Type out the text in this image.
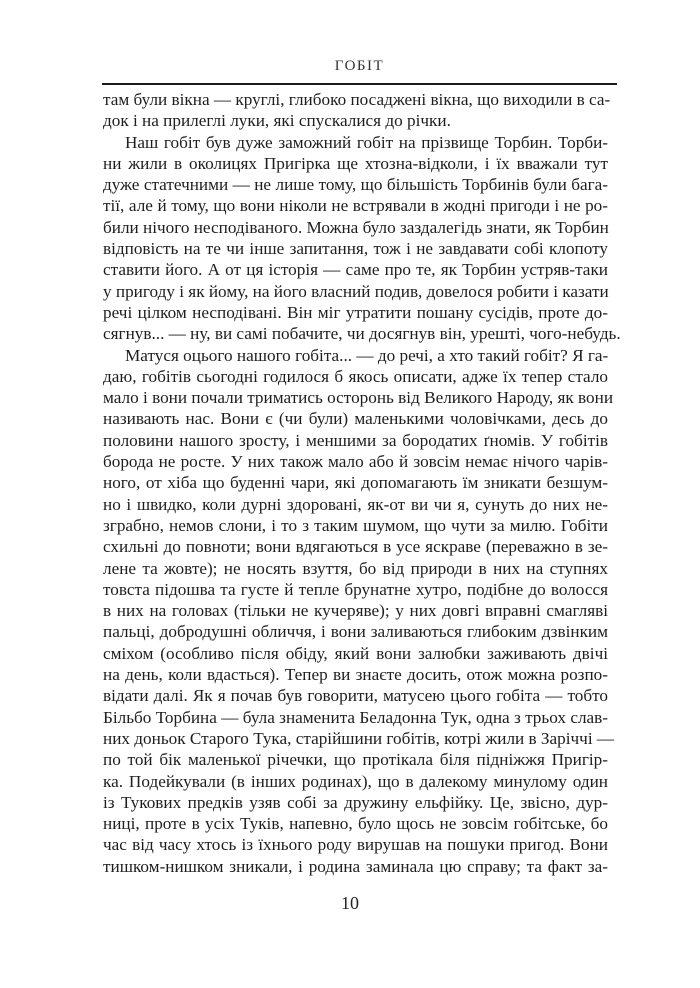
ГОБІТ
там були вікна — круглі, глибоко посаджені вікна, що виходили в са-
док і на прилеглі луки, які спускалися до річки.
Наш гобіт був дуже заможний гобіт на прізвище Торбин. Торби-
ни жили в околицях Пригірка ще хтозна-відколи, і їх вважали тут
дуже статечними — не лише тому, що більшість Торбинів були бага-
тії, але й тому, що вони ніколи не встрявали в жодні пригоди і не ро-
били нічого несподіваного. Можна було заздалегідь знати, як Торбин
відповість на те чи інше запитання, тож і не завдавати собі клопоту
ставити його. А от ця історія — саме про те, як Торбин устряв-таки
у пригоду і як йому, на його власний подив, довелося робити і казати
речі цілком несподівані. Він міг утратити пошану сусідів, проте до-
сягнув... — ну, ви самі побачите, чи досягнув він, урешті, чого-небудь.
Матуся оцього нашого гобіта... — до речі, а хто такий гобіт? Я га-
даю, гобітів сьогодні годилося б якось описати, адже їх тепер стало
мало і вони почали триматись осторонь від Великого Народу, як вони
називають нас. Вони є (чи були) маленькими чоловічками, десь до
половини нашого зросту, і меншими за бородатих ґномів. У гобітів
борода не росте. У них також мало або й зовсім немає нічого чарів-
ного, от хіба що буденні чари, які допомагають їм зникати безшум-
но і швидко, коли дурні здоровані, як-от ви чи я, сунуть до них не-
зграбно, немов слони, і то з таким шумом, що чути за милю. Гобіти
схильні до повноти; вони вдягаються в усе яскраве (переважно в зе-
лене та жовте); не носять взуття, бо від природи в них на ступнях
товста підошва та густе й тепле брунатне хутро, подібне до волосся
в них на головах (тільки не кучеряве); у них довгі вправні смагляві
пальці, добродушні обличчя, і вони заливаються глибоким дзвінким
сміхом (особливо після обіду, який вони залюбки заживають двічі
на день, коли вдасться). Тепер ви знаєте досить, отож можна розпо-
відати далі. Як я почав був говорити, матусею цього гобіта — тобто
Більбо Торбина — була знаменита Беладонна Тук, одна з трьох слав-
них доньок Старого Тука, старійшини гобітів, котрі жили в Заріччі —
по той бік маленької річечки, що протікала біля підніжжя Пригір-
ка. Подейкували (в інших родинах), що в далекому минулому один
із Тукових предків узяв собі за дружину ельфійку. Це, звісно, дур-
ниці, проте в усіх Туків, напевно, було щось не зовсім гобітське, бо
час від часу хтось із їхнього роду вирушав на пошуки пригод. Вони
тишком-нишком зникали, і родина заминала цю справу; та факт за-
10
